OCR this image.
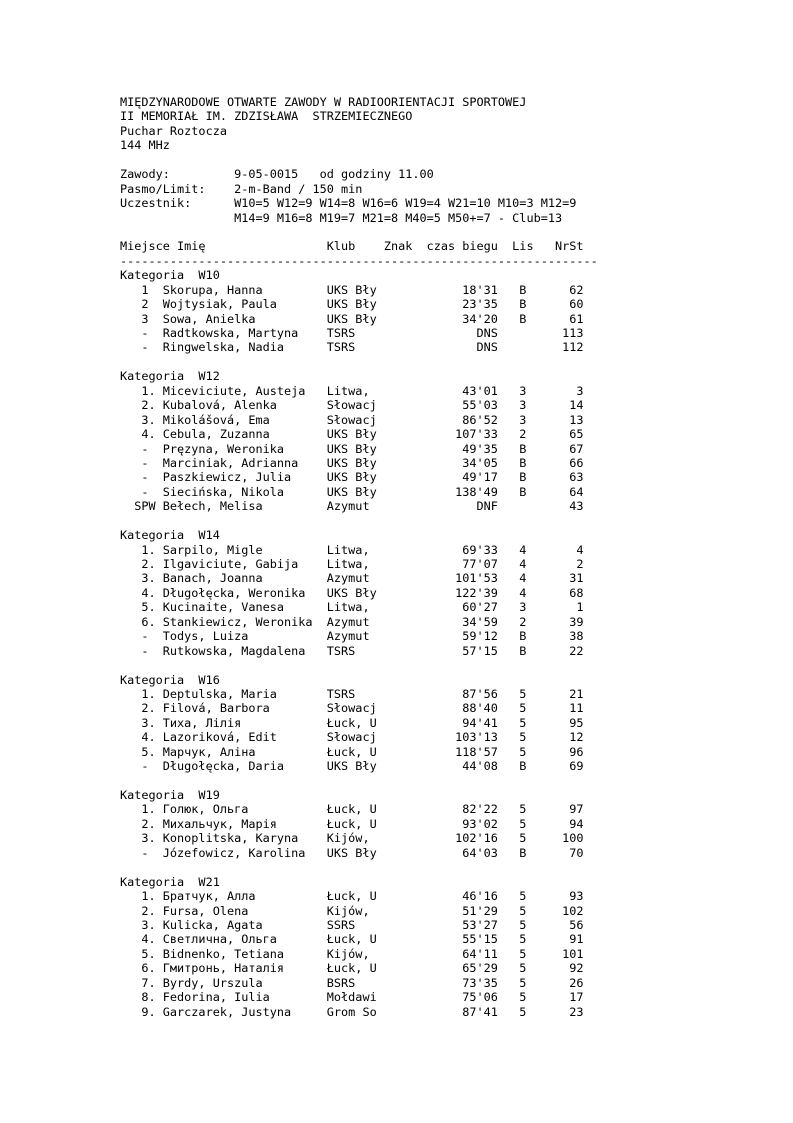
MIĘDZYNARODOWE OTWARTE ZAWODY W RADIOORIENTACJI SPORTOWEJ
II MEMORIAŁ IM. ZDZISŁAWA  STRZEMIECZNEGO
Puchar Roztocza
144 MHz
Zawody:         9-05-0015   od godziny 11.00
Pasmo/Limit:    2-m-Band / 150 min
Uczestnik:      W10=5 W12=9 W14=8 W16=6 W19=4 W21=10 M10=3 M12=9
M14=9 M16=8 M19=7 M21=8 M40=5 M50+=7 - Club=13
Miejsce Imię                 Klub    Znak  czas biegu  Lis   NrSt
-------------------------------------------------------------------
Kategoria  W10
1  Skorupa, Hanna         UKS Bły            18'31   B      62
2  Wojtysiak, Paula       UKS Bły            23'35   B      60
3  Sowa, Anielka          UKS Bły            34'20   B      61
-  Radtkowska, Martyna    TSRS                 DNS         113
-  Ringwelska, Nadia      TSRS                 DNS         112
Kategoria  W12
1. Miceviciute, Austeja   Litwa,             43'01   3       3
2. Kubalová, Alenka       Słowacj            55'03   3      14
3. Mikolášová, Ema        Słowacj            86'52   3      13
4. Cebula, Zuzanna        UKS Bły           107'33   2      65
-  Pręzyna, Weronika      UKS Bły            49'35   B      67
-  Marciniak, Adrianna    UKS Bły            34'05   B      66
-  Paszkiewicz, Julia     UKS Bły            49'17   B      63
-  Siecińska, Nikola      UKS Bły           138'49   B      64
SPW Bełech, Melisa         Azymut               DNF          43
Kategoria  W14
1. Sarpilo, Migle         Litwa,             69'33   4       4
2. Ilgaviciute, Gabija    Litwa,             77'07   4       2
3. Banach, Joanna         Azymut            101'53   4      31
4. Długołęcka, Weronika   UKS Bły           122'39   4      68
5. Kucinaite, Vanesa      Litwa,             60'27   3       1
6. Stankiewicz, Weronika  Azymut             34'59   2      39
-  Todys, Luiza           Azymut             59'12   B      38
-  Rutkowska, Magdalena   TSRS               57'15   B      22
Kategoria  W16
1. Deptulska, Maria       TSRS               87'56   5      21
2. Filová, Barbora        Słowacj            88'40   5      11
3. Тиха, Лілія            Łuck, U            94'41   5      95
4. Lazoriková, Edit       Słowacj           103'13   5      12
5. Марчук, Аліна          Łuck, U           118'57   5      96
-  Długołęcka, Daria      UKS Bły            44'08   B      69
Kategoria  W19
1. Голюк, Ольга           Łuck, U            82'22   5      97
2. Михальчук, Марія       Łuck, U            93'02   5      94
3. Konoplitska, Karyna    Kijów,            102'16   5     100
-  Józefowicz, Karolina   UKS Bły            64'03   B      70
Kategoria  W21
1. Братчук, Алла          Łuck, U            46'16   5      93
2. Fursa, Olena           Kijów,             51'29   5     102
3. Kulicka, Agata         SSRS               53'27   5      56
4. Светлична, Ольга       Łuck, U            55'15   5      91
5. Bidnenko, Tetiana      Kijów,             64'11   5     101
6. Гмитронь, Наталія      Łuck, U            65'29   5      92
7. Byrdy, Urszula         BSRS               73'35   5      26
8. Fedorina, Iulia        Mołdawi            75'06   5      17
9. Garczarek, Justyna     Grom So            87'41   5      23
